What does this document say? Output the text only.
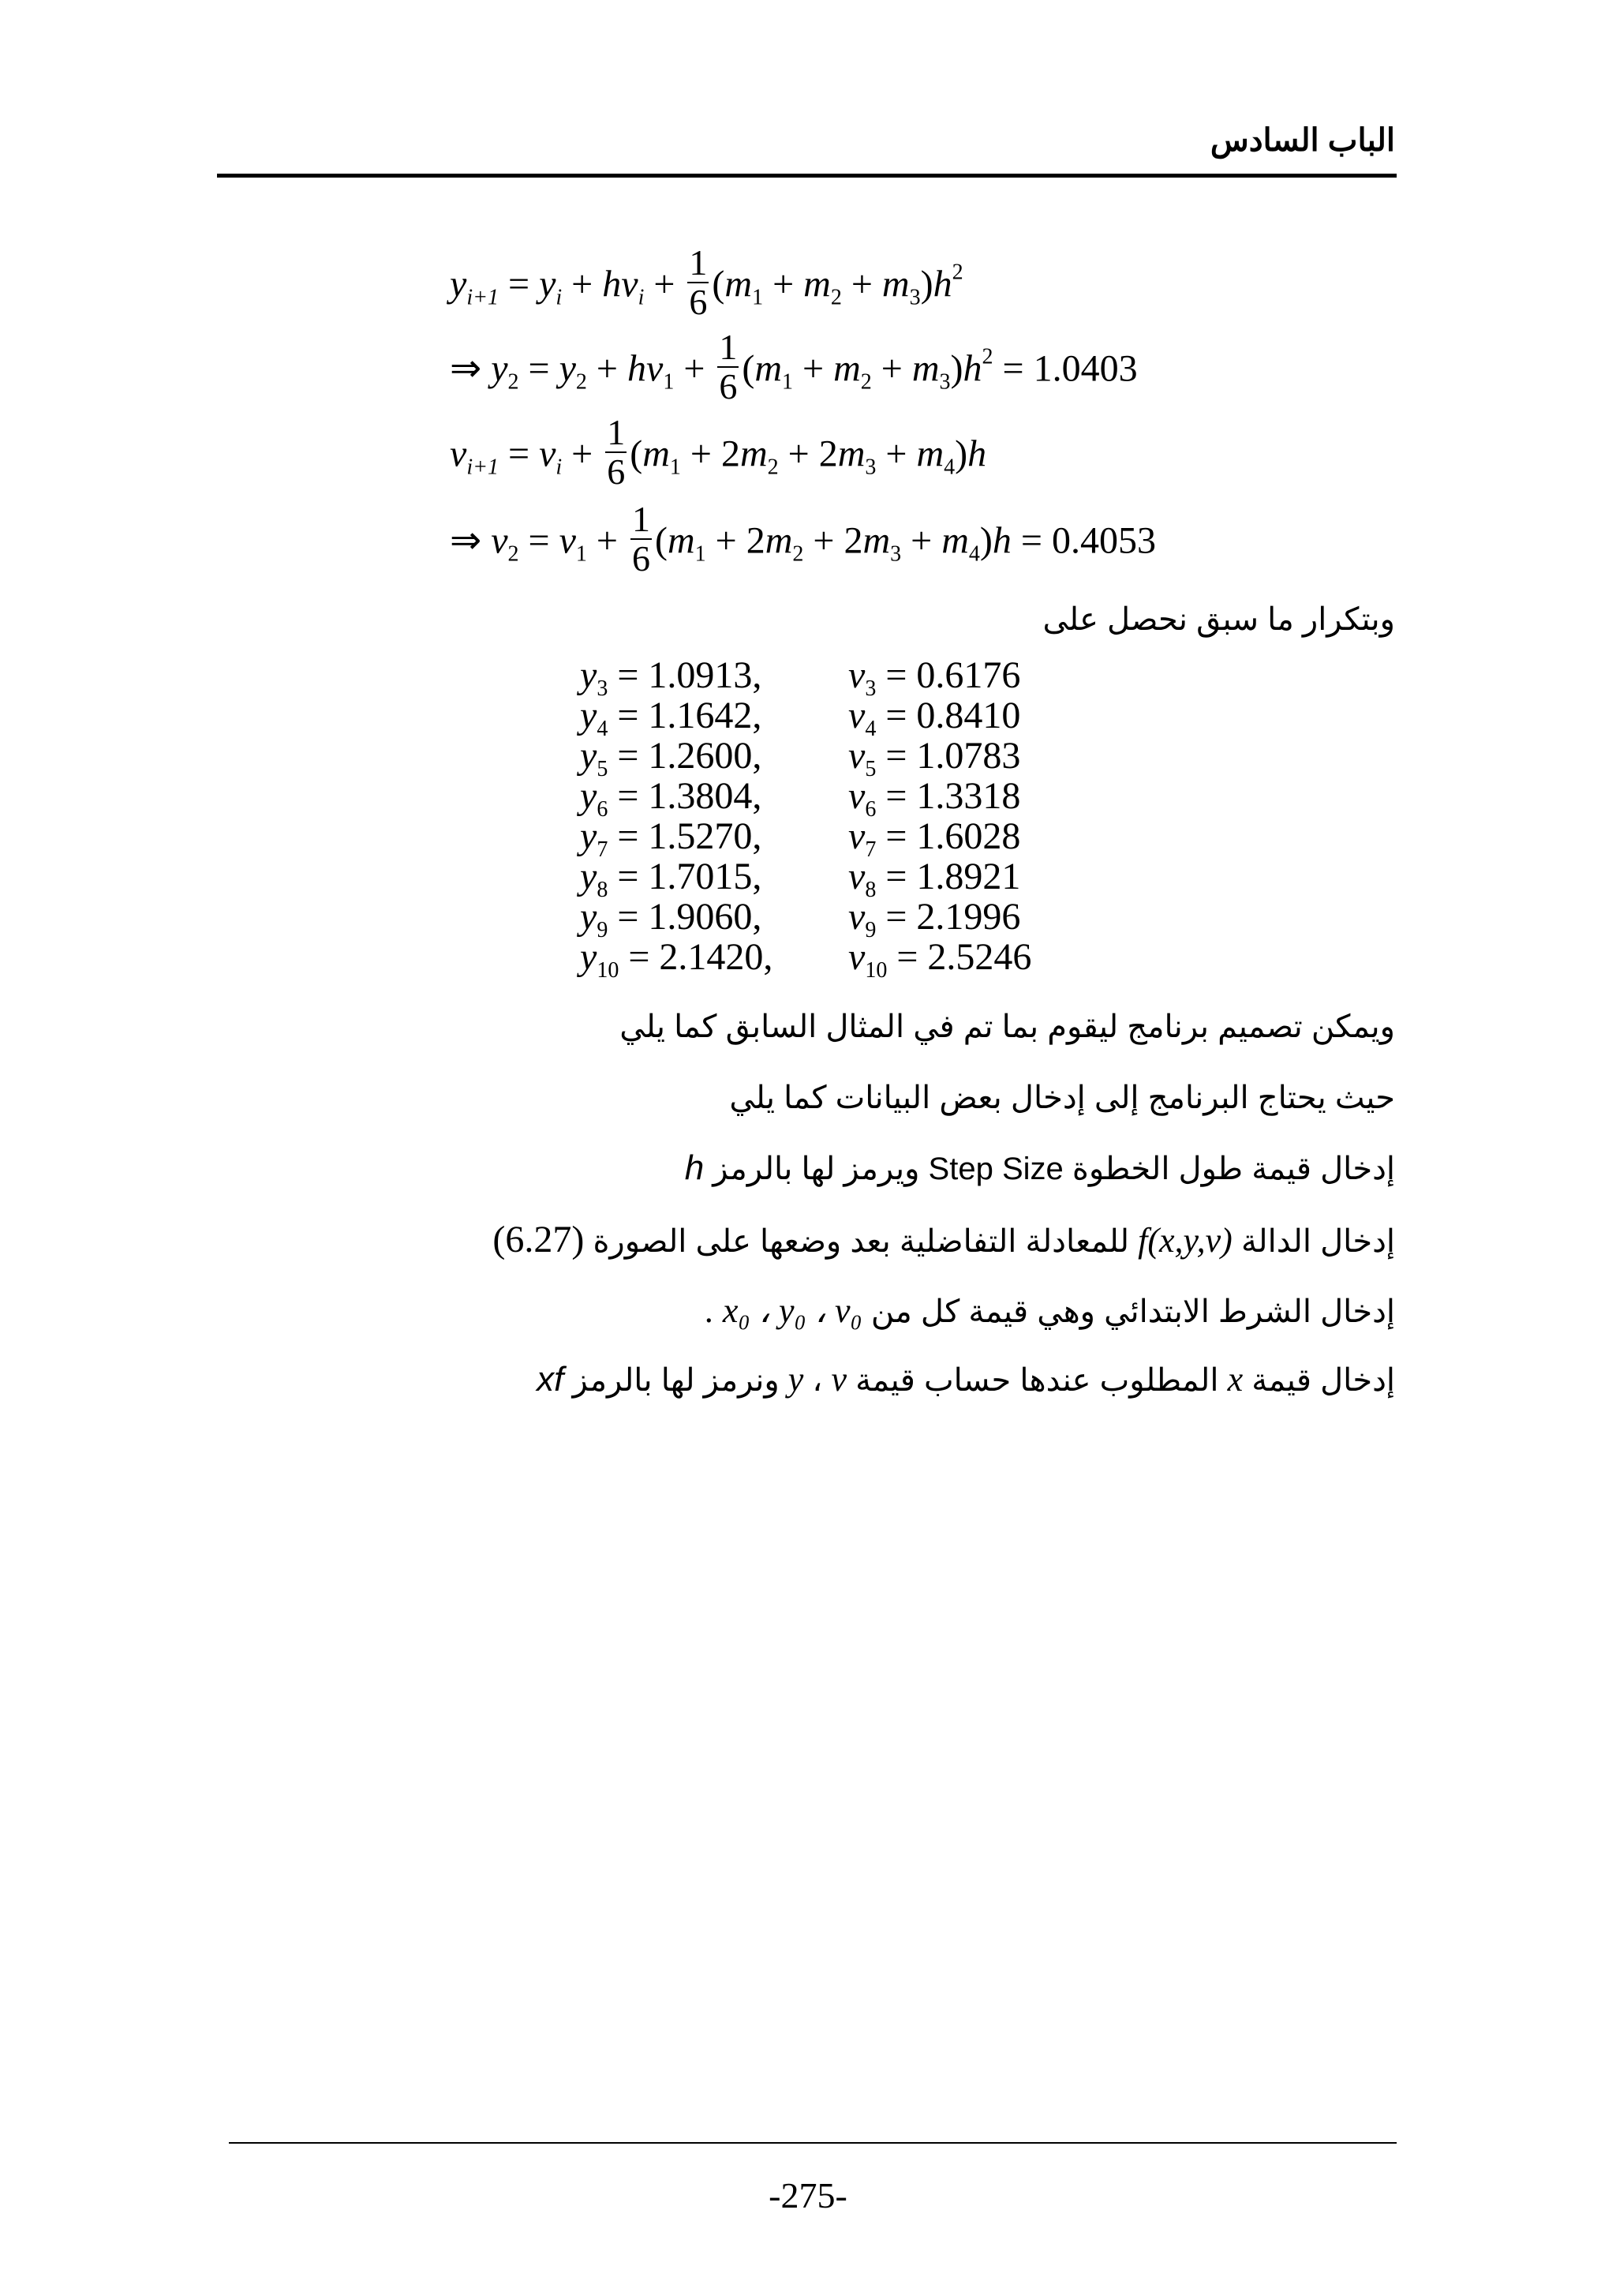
الباب السادس
$y_{i+1} = y_i + hv_i + \frac{1}{6} (m_1 + m_2 + m_3)h^2$
⇒ $y_2 = y_2 + hv_1 + \frac{1}{6} (m_1 + m_2 + m_3)h^2 = 1.0403$
$v_{i+1} = v_i + \frac{1}{6} (m_1 + 2m_2 + 2m_3 + m_4)h$
⇒ $v_2 = v_1 + \frac{1}{6} (m_1 + 2m_2 + 2m_3 + m_4)h = 0.4053$
وبتكرار ما سبق نحصل على
$y_3 = 1.0913$, $v_3 = 0.6176$
$y_4 = 1.1642$, $v_4 = 0.8410$
$y_5 = 1.2600$, $v_5 = 1.0783$
$y_6 = 1.3804$, $v_6 = 1.3318$
$y_7 = 1.5270$, $v_7 = 1.6028$
$y_8 = 1.7015$, $v_8 = 1.8921$
$y_9 = 1.9060$, $v_9 = 2.1996$
$y_{10} = 2.1420$, $v_{10} = 2.5246$
ويمكن تصميم برنامج ليقوم بما تم في المثال السابق كما يلي
حيث يحتاج البرنامج إلى إدخال بعض البيانات كما يلي
إدخال قيمة طول الخطوة Step Size ويرمز لها بالرمز h
إدخال الدالة f(x,y,v) للمعادلة التفاضلية بعد وضعها على الصورة (6.27)
إدخال الشرط الابتدائي وهي قيمة كل من x₀ ، y₀ ، v₀ .
إدخال قيمة x المطلوب عندها حساب قيمة y ، v ونرمز لها بالرمز xf
-275-
